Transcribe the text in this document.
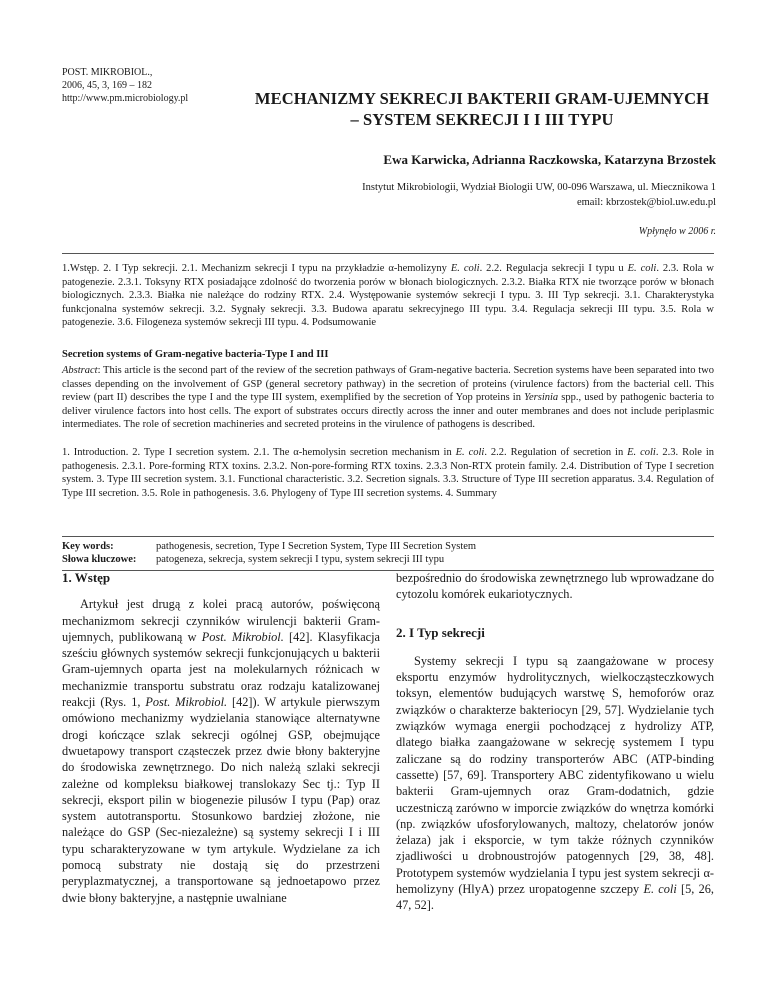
POST. MIKROBIOL.,
2006, 45, 3, 169 – 182
http://www.pm.microbiology.pl	MECHANIZMY SEKRECJI BAKTERII GRAM-UJEMNYCH
– SYSTEM SEKRECJI I I III TYPU
Ewa Karwicka, Adrianna Raczkowska, Katarzyna Brzostek
Instytut Mikrobiologii, Wydział Biologii UW, 00-096 Warszawa, ul. Miecznikowa 1
email: kbrzostek@biol.uw.edu.pl
Wpłynęło w 2006 r.
1.Wstęp. 2. I Typ sekrecji. 2.1. Mechanizm sekrecji I typu na przykładzie α-hemolizyny E. coli. 2.2. Regulacja sekrecji I typu u E. coli. 2.3. Rola w patogenezie. 2.3.1. Toksyny RTX posiadające zdolność do tworzenia porów w błonach biologicznych. 2.3.2. Białka RTX nie tworzące porów w błonach biologicznych. 2.3.3. Białka nie należące do rodziny RTX. 2.4. Występowanie systemów sekrecji I typu. 3. III Typ sekrecji. 3.1. Charakterystyka funkcjonalna systemów sekrecji. 3.2. Sygnały sekrecji. 3.3. Budowa aparatu sekrecyjnego III typu. 3.4. Regulacja sekrecji III typu. 3.5. Rola w patogenezie. 3.6. Filogeneza systemów sekrecji III typu. 4. Podsumowanie
Secretion systems of Gram-negative bacteria-Type I and III
Abstract: This article is the second part of the review of the secretion pathways of Gram-negative bacteria. Secretion systems have been separated into two classes depending on the involvement of GSP (general secretory pathway) in the secretion of proteins (virulence factors) from the bacterial cell. This review (part II) describes the type I and the type III system, exemplified by the secretion of Yop proteins in Yersinia spp., used by pathogenic bacteria to deliver virulence factors into host cells. The export of substrates occurs directly across the inner and outer membranes and does not include periplasmic intermediates. The role of secretion machineries and secreted proteins in the virulence of pathogens is described.
1. Introduction. 2. Type I secretion system. 2.1. The α-hemolysin secretion mechanism in E. coli. 2.2. Regulation of secretion in E. coli. 2.3. Role in pathogenesis. 2.3.1. Pore-forming RTX toxins. 2.3.2. Non-pore-forming RTX toxins. 2.3.3 Non-RTX protein family. 2.4. Distribution of Type I secretion system. 3. Type III secretion system. 3.1. Functional characteristic. 3.2. Secretion signals. 3.3. Structure of Type III secretion apparatus. 3.4. Regulation of Type III secretion. 3.5. Role in pathogenesis. 3.6. Phylogeny of Type III secretion systems. 4. Summary
Key words:	pathogenesis, secretion, Type I Secretion System, Type III Secretion System
Słowa kluczowe: patogeneza, sekrecja, system sekrecji I typu, system sekrecji III typu
1. Wstęp

Artykuł jest drugą z kolei pracą autorów, poświęconą mechanizmom sekrecji czynników wirulencji bakterii Gram-ujemnych, publikowaną w Post. Mikrobiol. [42]. Klasyfikacja sześciu głównych systemów sekrecji funkcjonujących u bakterii Gram-ujemnych oparta jest na molekularnych różnicach w mechanizmie transportu substratu oraz rodzaju katalizowanej reakcji (Rys. 1, Post. Mikrobiol. [42]). W artykule pierwszym omówiono mechanizmy wydzielania stanowiące alternatywne drogi kończące szlak sekrecji ogólnej GSP, obejmujące dwuetapowy transport cząsteczek przez dwie błony bakteryjne do środowiska zewnętrznego. Do nich należą szlaki sekrecji zależne od kompleksu białkowej translokazy Sec tj.: Typ II sekrecji, eksport pilin w biogenezie pilusów I typu (Pap) oraz system autotransportu. Stosunkowo bardziej złożone, nie należące do GSP (Sec-niezależne) są systemy sekrecji I i III typu scharakteryzowane w tym artykule. Wydzielane za ich pomocą substraty nie dostają się do przestrzeni peryplazmatycznej, a transportowane są jednoetapowo przez dwie błony bakteryjne, a następnie uwalniane

bezpośrednio do środowiska zewnętrznego lub wprowadzane do cytozolu komórek eukariotycznych.

2. I Typ sekrecji

Systemy sekrecji I typu są zaangażowane w procesy eksportu enzymów hydrolitycznych, wielkocząsteczkowych toksyn, elementów budujących warstwę S, hemoforów oraz związków o charakterze bakteriocyn [29, 57]. Wydzielanie tych związków wymaga energii pochodzącej z hydrolizy ATP, dlatego białka zaangażowane w sekrecję systemem I typu zaliczane są do rodziny transporterów ABC (ATP-binding cassette) [57, 69]. Transportery ABC zidentyfikowano u wielu bakterii Gram-ujemnych oraz Gram-dodatnich, gdzie uczestniczą zarówno w imporcie związków do wnętrza komórki (np. związków ufosforylowanych, maltozy, chelatorów jonów żelaza) jak i eksporcie, w tym także różnych czynników zjadliwości u drobnoustrojów patogennych [29, 38, 48]. Prototypem systemów wydzielania I typu jest system sekrecji α-hemolizyny (HlyA) przez uropatogenne szczepy E. coli [5, 26, 47, 52].
